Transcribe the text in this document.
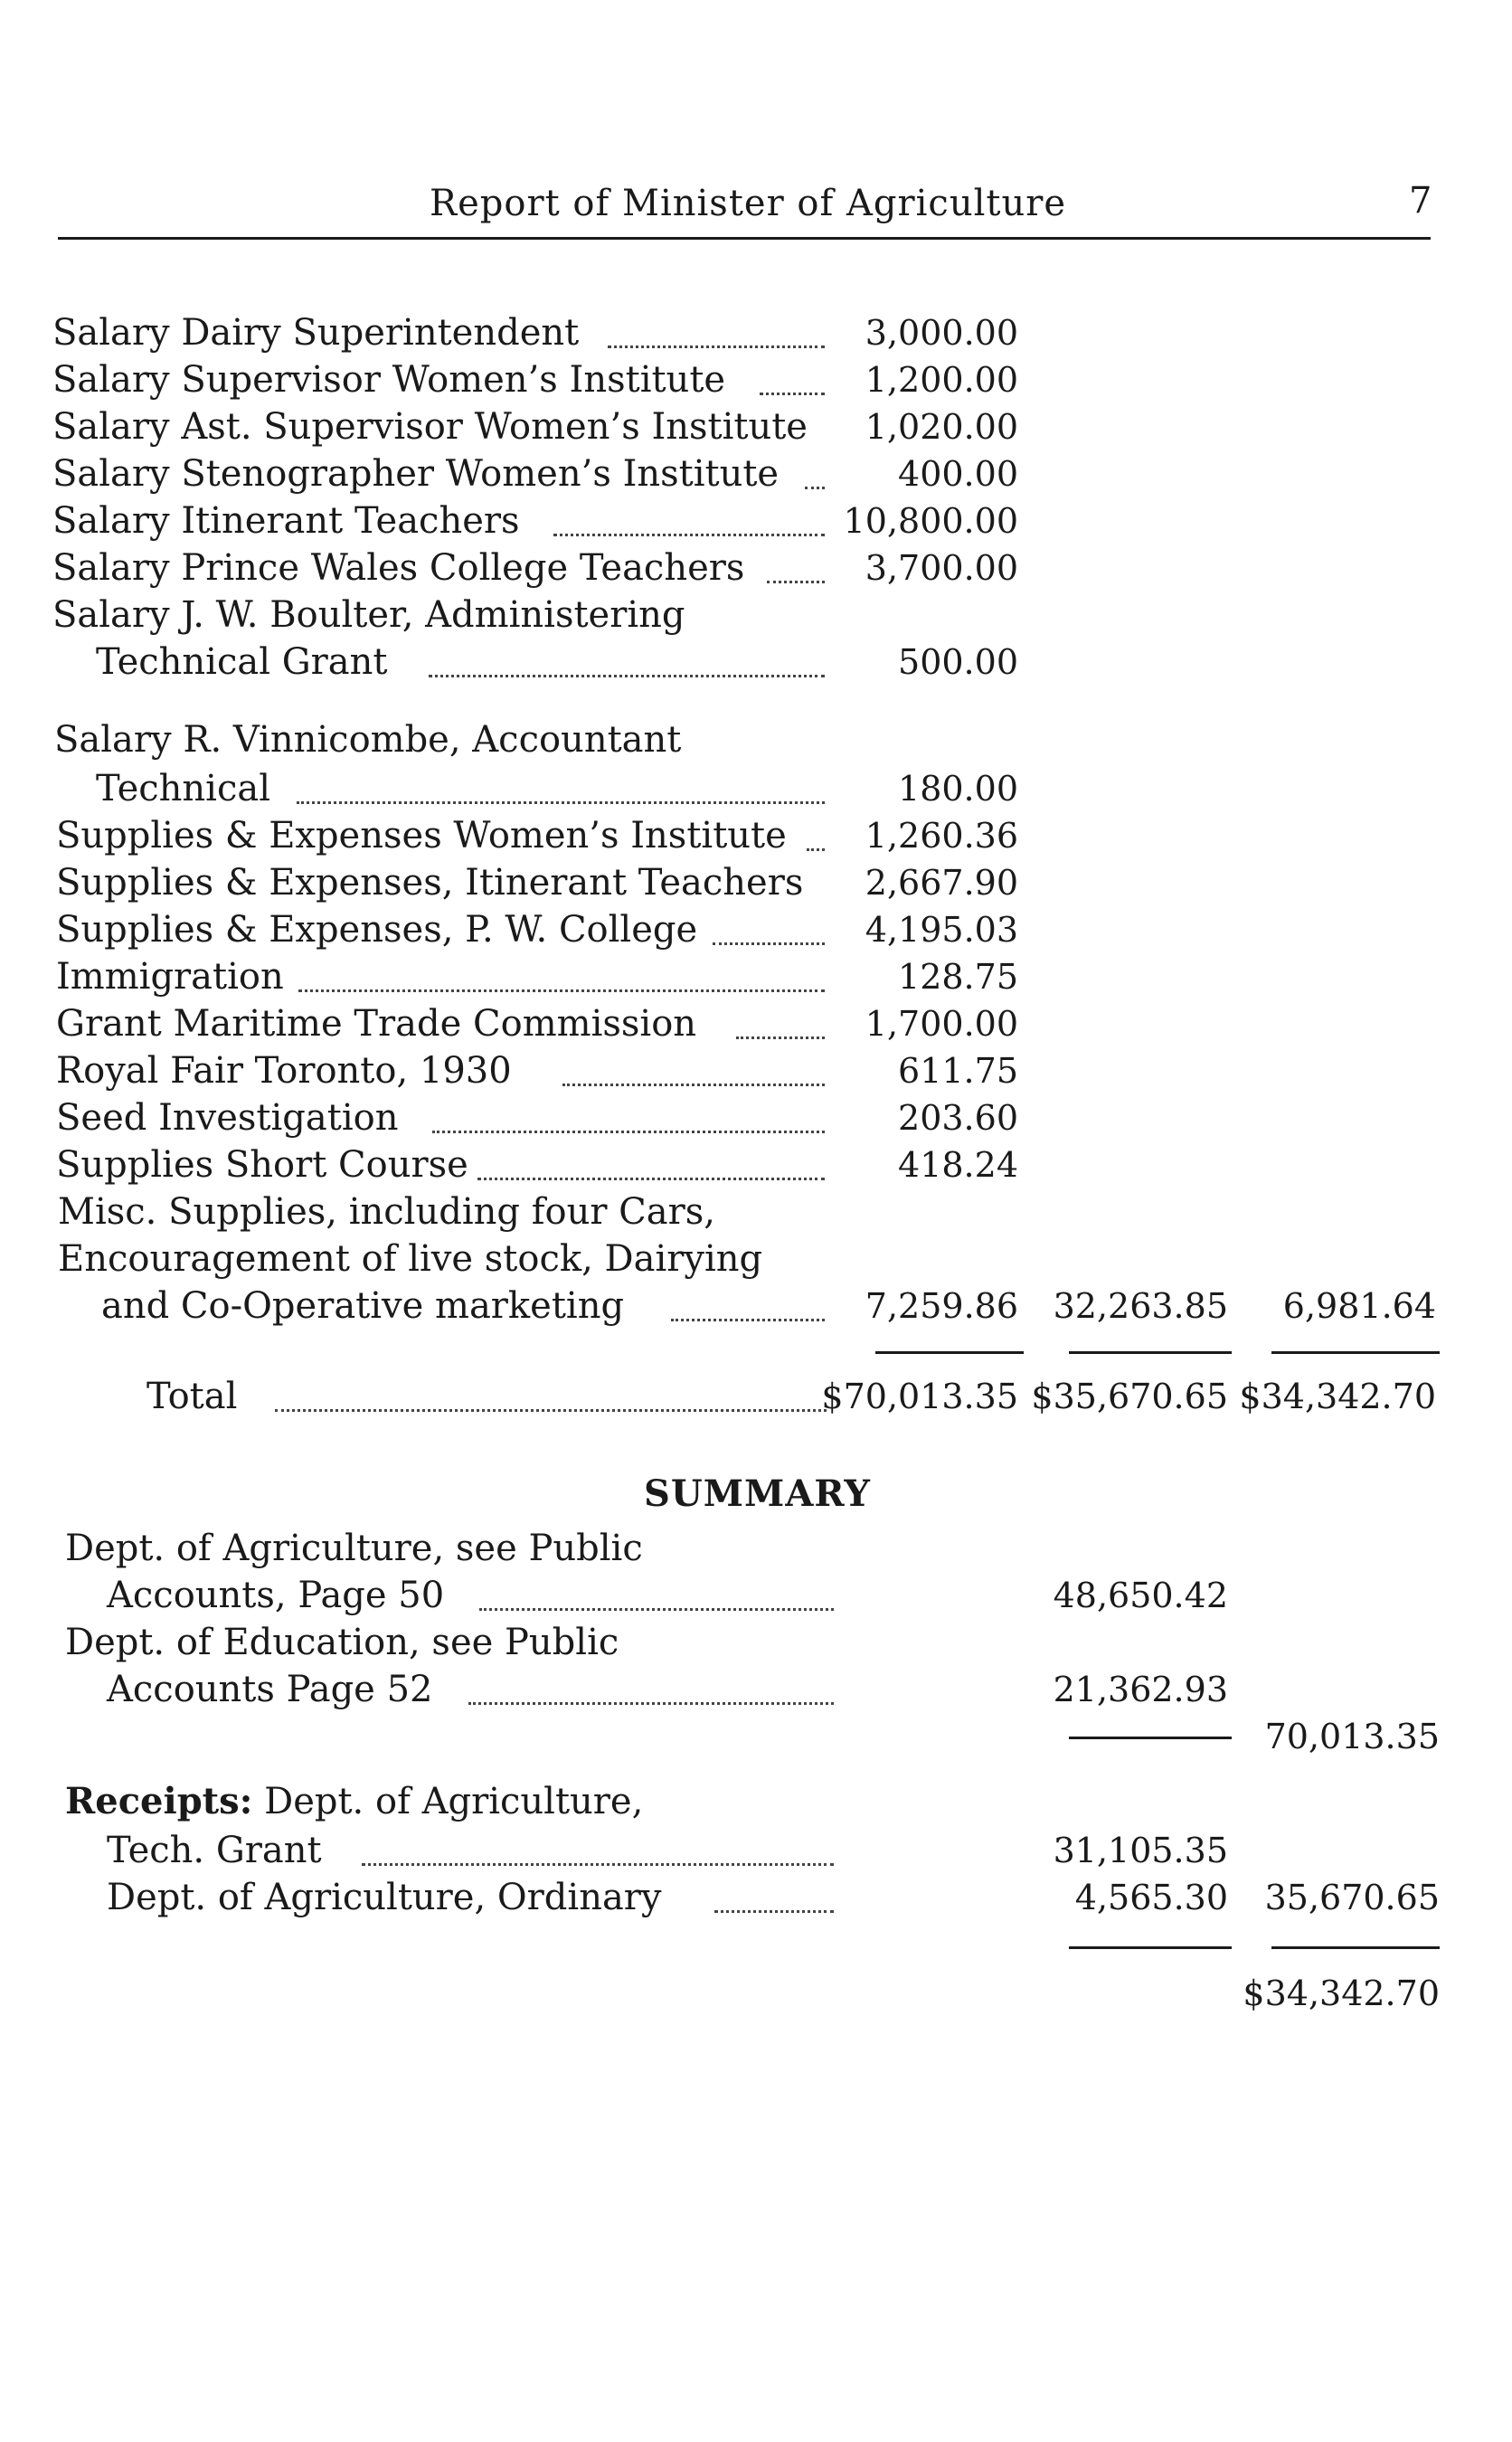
Report of Minister of Agriculture	7
Salary Dairy Superintendent	3,000.00
Salary Supervisor Women’s Institute	1,200.00
Salary Ast. Supervisor Women’s Institute	1,020.00
Salary Stenographer Women’s Institute	400.00
Salary Itinerant Teachers	10,800.00
Salary Prince Wales College Teachers	3,700.00
Salary J. W. Boulter, Administering
Technical Grant	500.00
Salary R. Vinnicombe, Accountant
Technical	180.00
Supplies & Expenses Women’s Institute	1,260.36
Supplies & Expenses, Itinerant Teachers	2,667.90
Supplies & Expenses, P. W. College	4,195.03
Immigration	128.75
Grant Maritime Trade Commission	1,700.00
Royal Fair Toronto, 1930	611.75
Seed Investigation	203.60
Supplies Short Course	418.24
Misc. Supplies, including four Cars,
Encouragement of live stock, Dairying
and Co-Operative marketing	7,259.86	32,263.85	6,981.64
Total	$70,013.35 $35,670.65 $34,342.70
SUMMARY
Dept. of Agriculture, see Public
Accounts, Page 50	48,650.42
Dept. of Education, see Public
Accounts Page 52	21,362.93
70,013.35
Receipts: Dept. of Agriculture,
Tech. Grant	31,105.35
Dept. of Agriculture, Ordinary	4,565.30	35,670.65
$34,342.70
